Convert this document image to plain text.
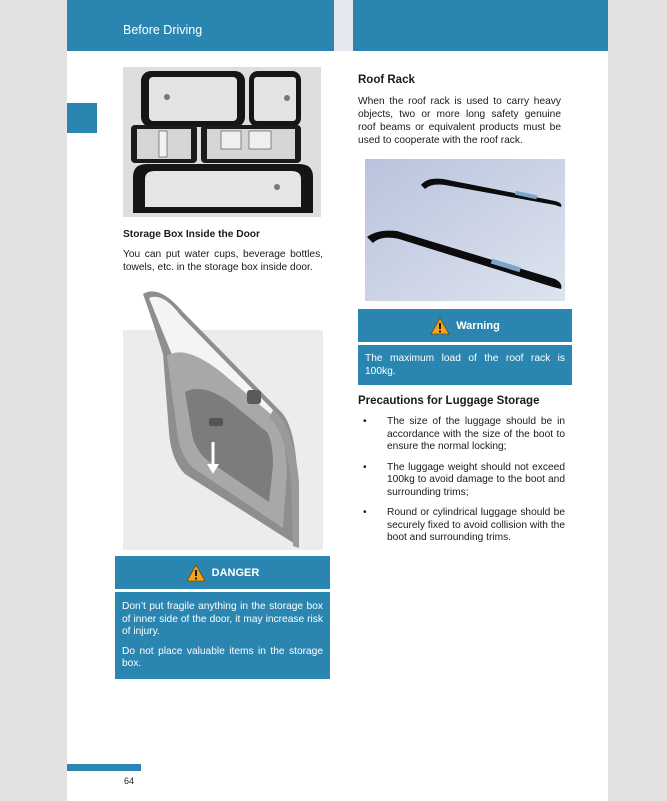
Before Driving
Storage Box Inside the Door
You can put water cups, beverage bottles, towels, etc. in the storage box inside door.
DANGER

Don’t put fragile anything in the storage box of inner side of the door, it may increase risk of injury.

Do not place valuable items in the storage box.

Roof Rack
When the roof rack is used to carry heavy objects, two or more long safety genuine roof beams or equivalent products must be used to cooperate with the roof rack.
Warning

The maximum load of the roof rack is 100kg.

Precautions for Luggage Storage
• The size of the luggage should be in accordance with the size of the boot to ensure the normal locking;
• The luggage weight should not exceed 100kg to avoid damage to the boot and surrounding trims;
• Round or cylindrical luggage should be securely fixed to avoid collision with the boot and surrounding trims.
64
